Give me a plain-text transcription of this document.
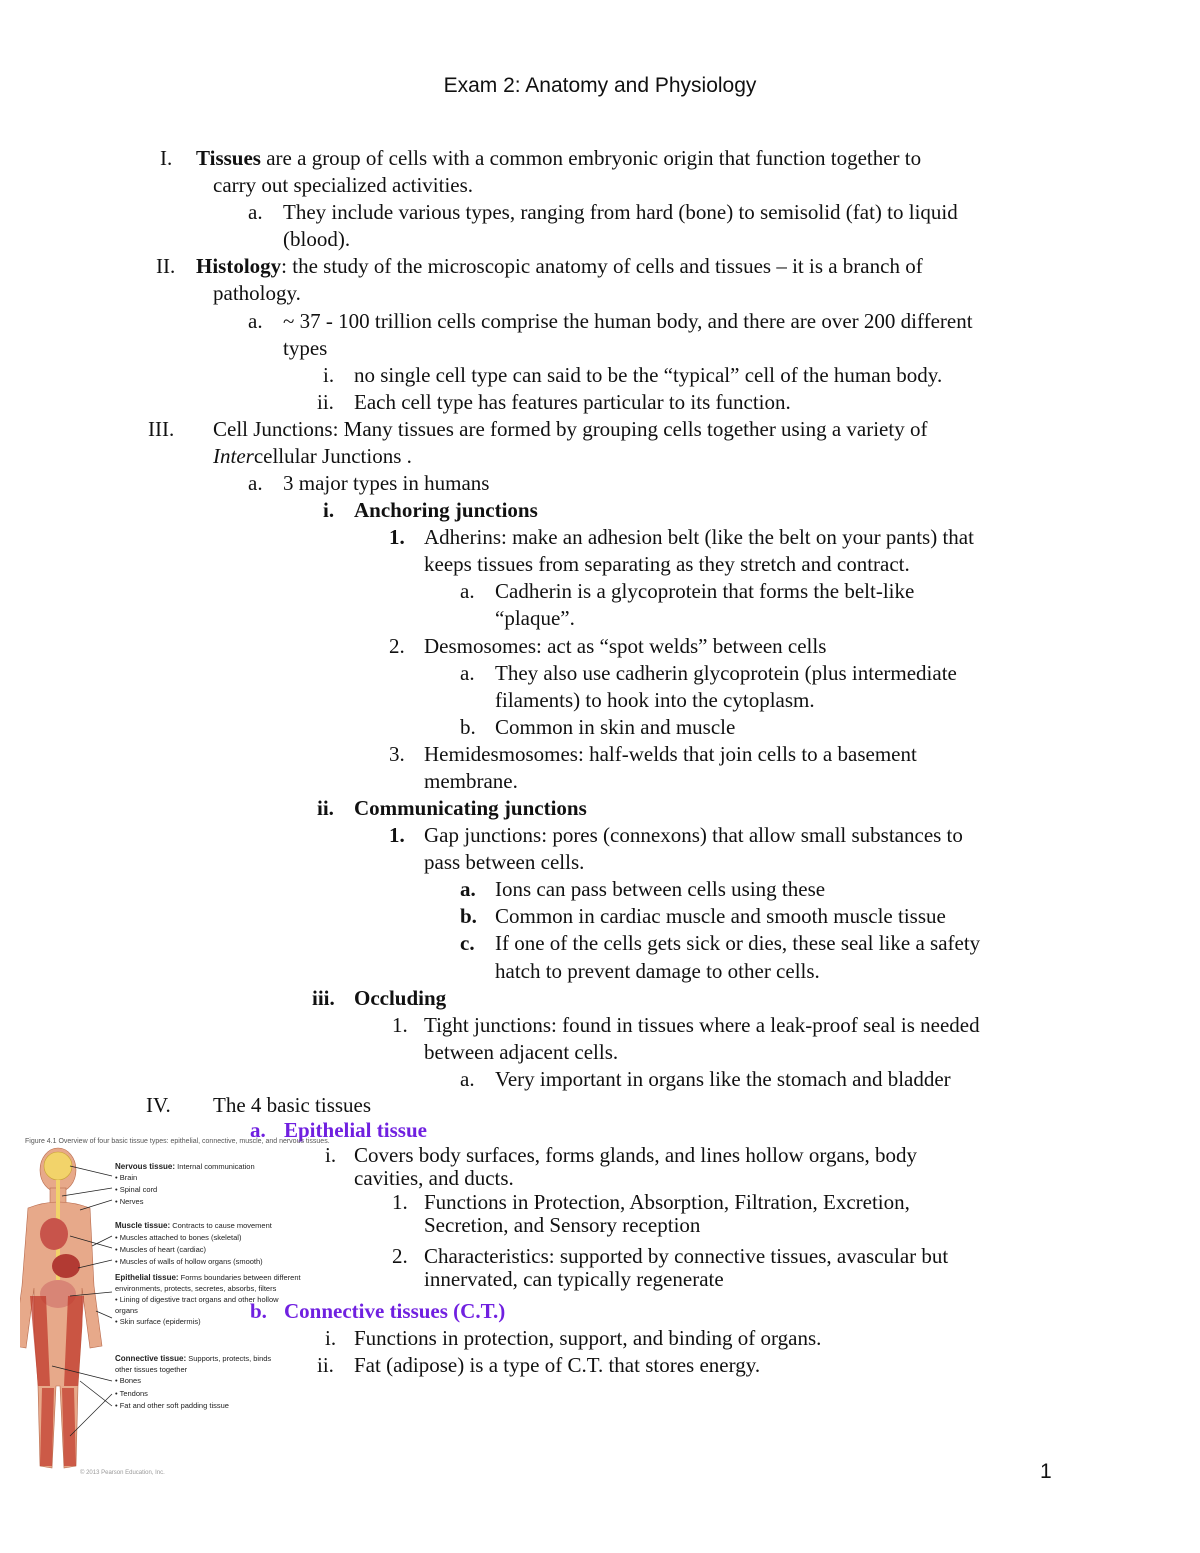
Exam 2: Anatomy and Physiology
I. Tissues are a group of cells with a common embryonic origin that function together to
carry out specialized activities.
a. They include various types, ranging from hard (bone) to semisolid (fat) to liquid
(blood).
II. Histology: the study of the microscopic anatomy of cells and tissues – it is a branch of
pathology.
a. ~ 37 - 100 trillion cells comprise the human body, and there are over 200 different
types
i. no single cell type can said to be the “typical” cell of the human body.
ii. Each cell type has features particular to its function.
III. Cell Junctions: Many tissues are formed by grouping cells together using a variety of
Intercellular Junctions .
a. 3 major types in humans
i. Anchoring junctions
1. Adherins: make an adhesion belt (like the belt on your pants) that
keeps tissues from separating as they stretch and contract.
a. Cadherin is a glycoprotein that forms the belt-like
“plaque”.
2. Desmosomes: act as “spot welds” between cells
a. They also use cadherin glycoprotein (plus intermediate
filaments) to hook into the cytoplasm.
b. Common in skin and muscle
3. Hemidesmosomes: half-welds that join cells to a basement
membrane.
ii. Communicating junctions
1. Gap junctions: pores (connexons) that allow small substances to
pass between cells.
a. Ions can pass between cells using these
b. Common in cardiac muscle and smooth muscle tissue
c. If one of the cells gets sick or dies, these seal like a safety
hatch to prevent damage to other cells.
iii. Occluding
1. Tight junctions: found in tissues where a leak-proof seal is needed
between adjacent cells.
a. Very important in organs like the stomach and bladder
IV. The 4 basic tissues
a. Epithelial tissue
i. Covers body surfaces, forms glands, and lines hollow organs, body
cavities, and ducts.
1. Functions in Protection, Absorption, Filtration, Excretion,
Secretion, and Sensory reception
2. Characteristics: supported by connective tissues, avascular but
innervated, can typically regenerate
b. Connective tissues (C.T.)
i. Functions in protection, support, and binding of organs.
ii. Fat (adipose) is a type of C.T. that stores energy.
Figure 4.1 Overview of four basic tissue types: epithelial, connective, muscle, and nervous tissues.
Nervous tissue: Internal communication
• Brain
• Spinal cord
• Nerves
Muscle tissue: Contracts to cause movement
• Muscles attached to bones (skeletal)
• Muscles of heart (cardiac)
• Muscles of walls of hollow organs (smooth)
Epithelial tissue: Forms boundaries between different
environments, protects, secretes, absorbs, filters
• Lining of digestive tract organs and other hollow
organs
• Skin surface (epidermis)
Connective tissue: Supports, protects, binds
other tissues together
• Bones
• Tendons
• Fat and other soft padding tissue
© 2013 Pearson Education, Inc.	1
